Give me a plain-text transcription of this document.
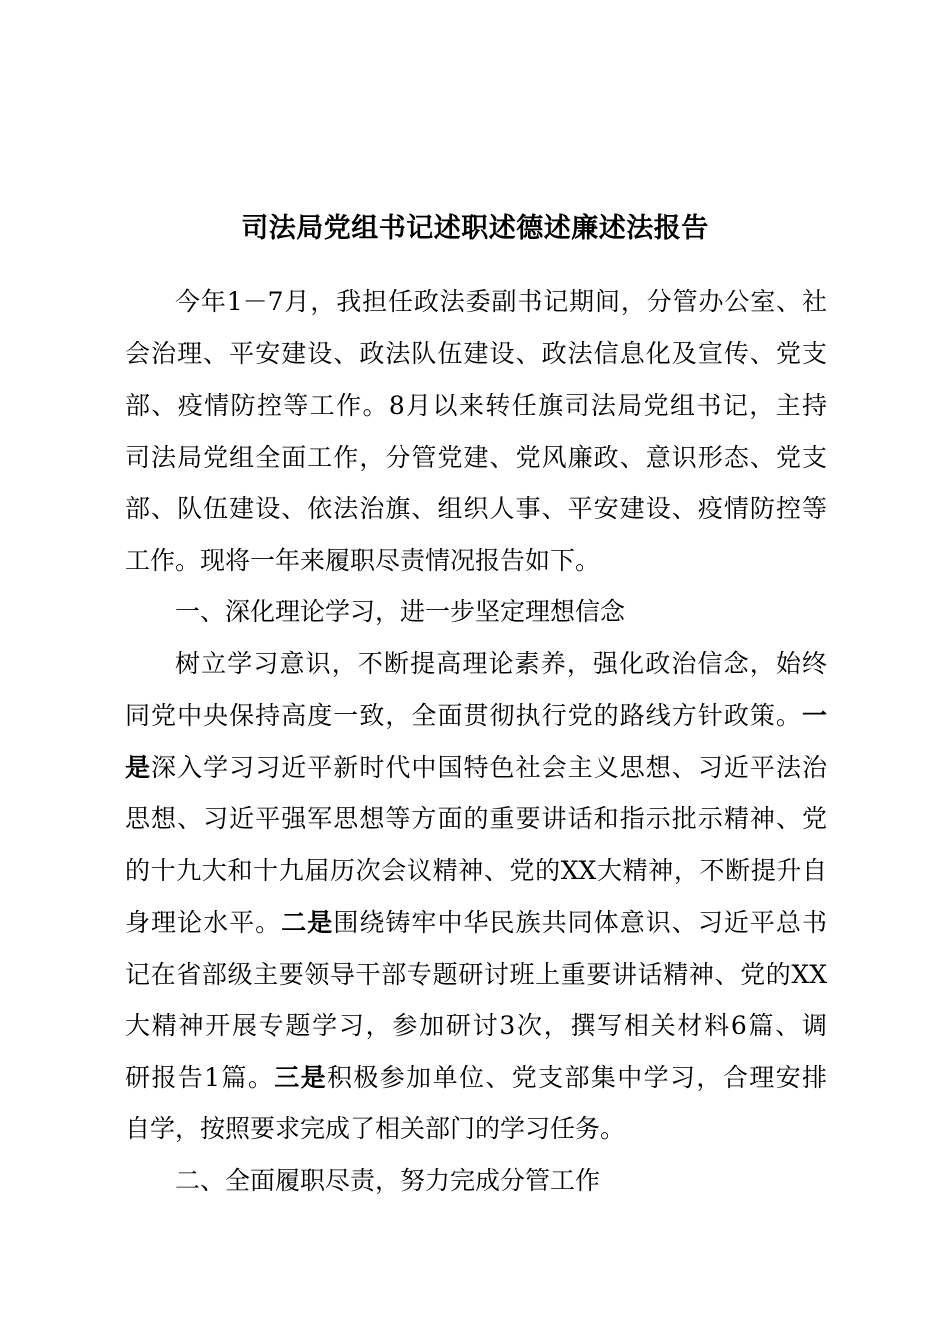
司法局党组书记述职述德述廉述法报告
今年1－7月，我担任政法委副书记期间，分管办公室、社
会治理、平安建设、政法队伍建设、政法信息化及宣传、党支
部、疫情防控等工作。8月以来转任旗司法局党组书记，主持
司法局党组全面工作，分管党建、党风廉政、意识形态、党支
部、队伍建设、依法治旗、组织人事、平安建设、疫情防控等
工作。现将一年来履职尽责情况报告如下。
一、深化理论学习，进一步坚定理想信念
树立学习意识，不断提高理论素养，强化政治信念，始终
同党中央保持高度一致，全面贯彻执行党的路线方针政策。一
是深入学习习近平新时代中国特色社会主义思想、习近平法治
思想、习近平强军思想等方面的重要讲话和指示批示精神、党
的十九大和十九届历次会议精神、党的XX大精神，不断提升自
身理论水平。二是围绕铸牢中华民族共同体意识、习近平总书
记在省部级主要领导干部专题研讨班上重要讲话精神、党的XX
大精神开展专题学习，参加研讨3次，撰写相关材料6篇、调
研报告1篇。三是积极参加单位、党支部集中学习，合理安排
自学，按照要求完成了相关部门的学习任务。
二、全面履职尽责，努力完成分管工作
